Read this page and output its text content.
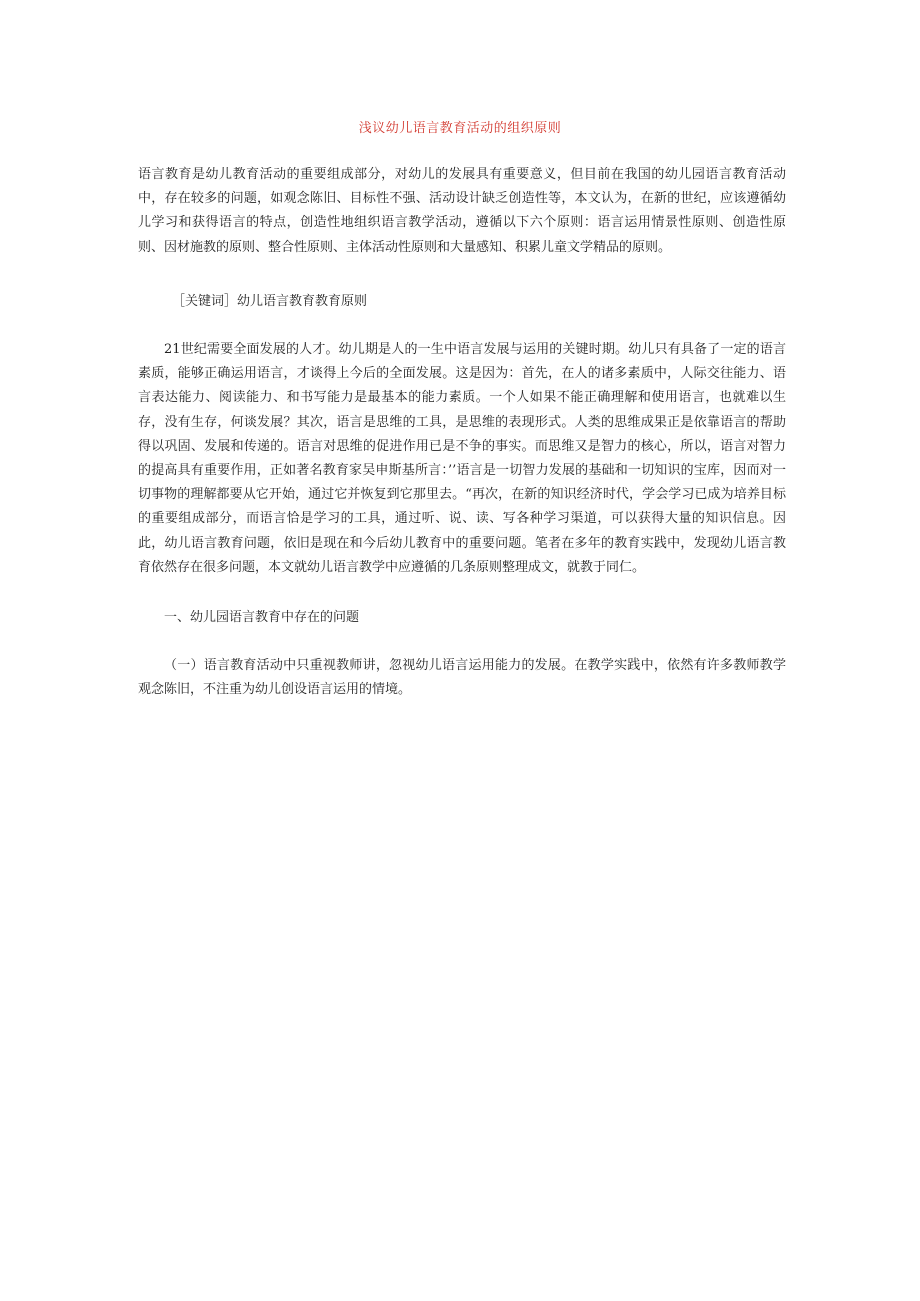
浅议幼儿语言教育活动的组织原则

语言教育是幼儿教育活动的重要组成部分，对幼儿的发展具有重要意义，但目前在我国的幼儿园语言教育活动中，存在较多的问题，如观念陈旧、目标性不强、活动设计缺乏创造性等，本文认为，在新的世纪，应该遵循幼儿学习和获得语言的特点，创造性地组织语言教学活动，遵循以下六个原则：语言运用情景性原则、创造性原则、因材施教的原则、整合性原则、主体活动性原则和大量感知、积累儿童文学精品的原则。

［关键词］幼儿语言教育教育原则

21世纪需要全面发展的人才。幼儿期是人的一生中语言发展与运用的关键时期。幼儿只有具备了一定的语言素质，能够正确运用语言，才谈得上今后的全面发展。这是因为：首先，在人的诸多素质中，人际交往能力、语言表达能力、阅读能力、和书写能力是最基本的能力素质。一个人如果不能正确理解和使用语言，也就难以生存，没有生存，何谈发展？其次，语言是思维的工具，是思维的表现形式。人类的思维成果正是依靠语言的帮助得以巩固、发展和传递的。语言对思维的促进作用已是不争的事实。而思维又是智力的核心，所以，语言对智力的提高具有重要作用，正如著名教育家吴申斯基所言：’’语言是一切智力发展的基础和一切知识的宝库，因而对一切事物的理解都要从它开始，通过它并恢复到它那里去。“再次，在新的知识经济时代，学会学习已成为培养目标的重要组成部分，而语言恰是学习的工具，通过听、说、读、写各种学习渠道，可以获得大量的知识信息。因此，幼儿语言教育问题，依旧是现在和今后幼儿教育中的重要问题。笔者在多年的教育实践中，发现幼儿语言教育依然存在很多问题，本文就幼儿语言教学中应遵循的几条原则整理成文，就教于同仁。

一、幼儿园语言教育中存在的问题

（一）语言教育活动中只重视教师讲，忽视幼儿语言运用能力的发展。在教学实践中，依然有许多教师教学观念陈旧，不注重为幼儿创设语言运用的情境。
